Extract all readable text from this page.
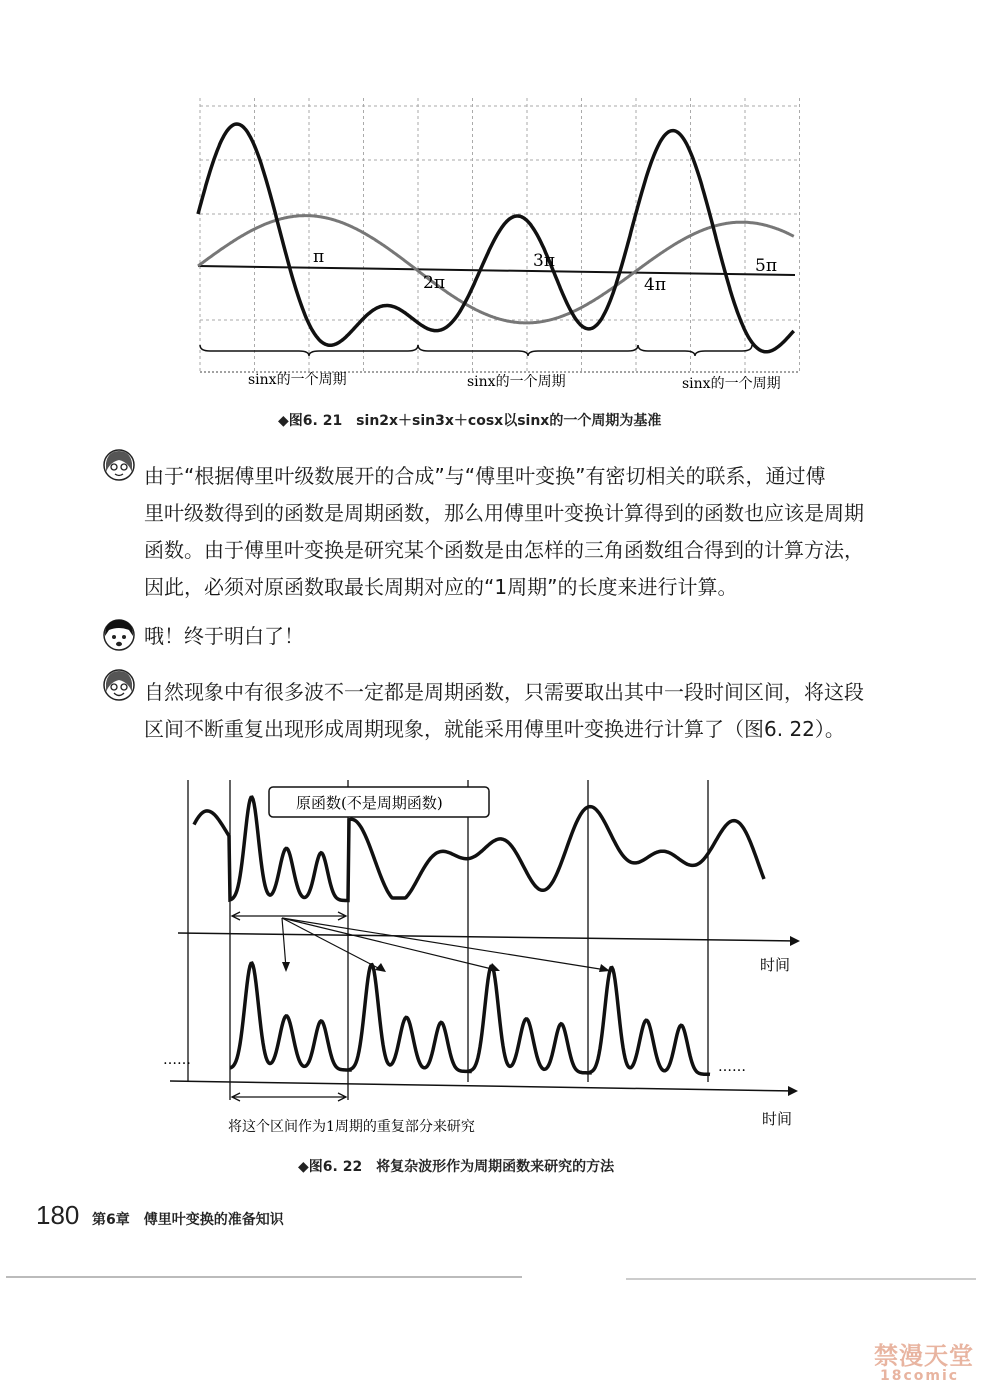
π
2π
3π
4π
5π
sinx的一个周期	sinx的一个周期	sinx的一个周期
◆图6. 21　sin2x＋sin3x＋cosx以sinx的一个周期为基准

由于“根据傅里叶级数展开的合成”与“傅里叶变换”有密切相关的联系，通过傅

里叶级数得到的函数是周期函数，那么用傅里叶变换计算得到的函数也应该是周期

函数。由于傅里叶变换是研究某个函数是由怎样的三角函数组合得到的计算方法，

因此，必须对原函数取最长周期对应的“1周期”的长度来进行计算。

哦！终于明白了！

自然现象中有很多波不一定都是周期函数，只需要取出其中一段时间区间，将这段

区间不断重复出现形成周期现象，就能采用傅里叶变换进行计算了（图6. 22）。

原函数(不是周期函数)
时间
……	……
时间
将这个区间作为1周期的重复部分来研究
◆图6. 22　将复杂波形作为周期函数来研究的方法
180 第6章　傅里叶变换的准备知识
禁漫天堂
18comic
